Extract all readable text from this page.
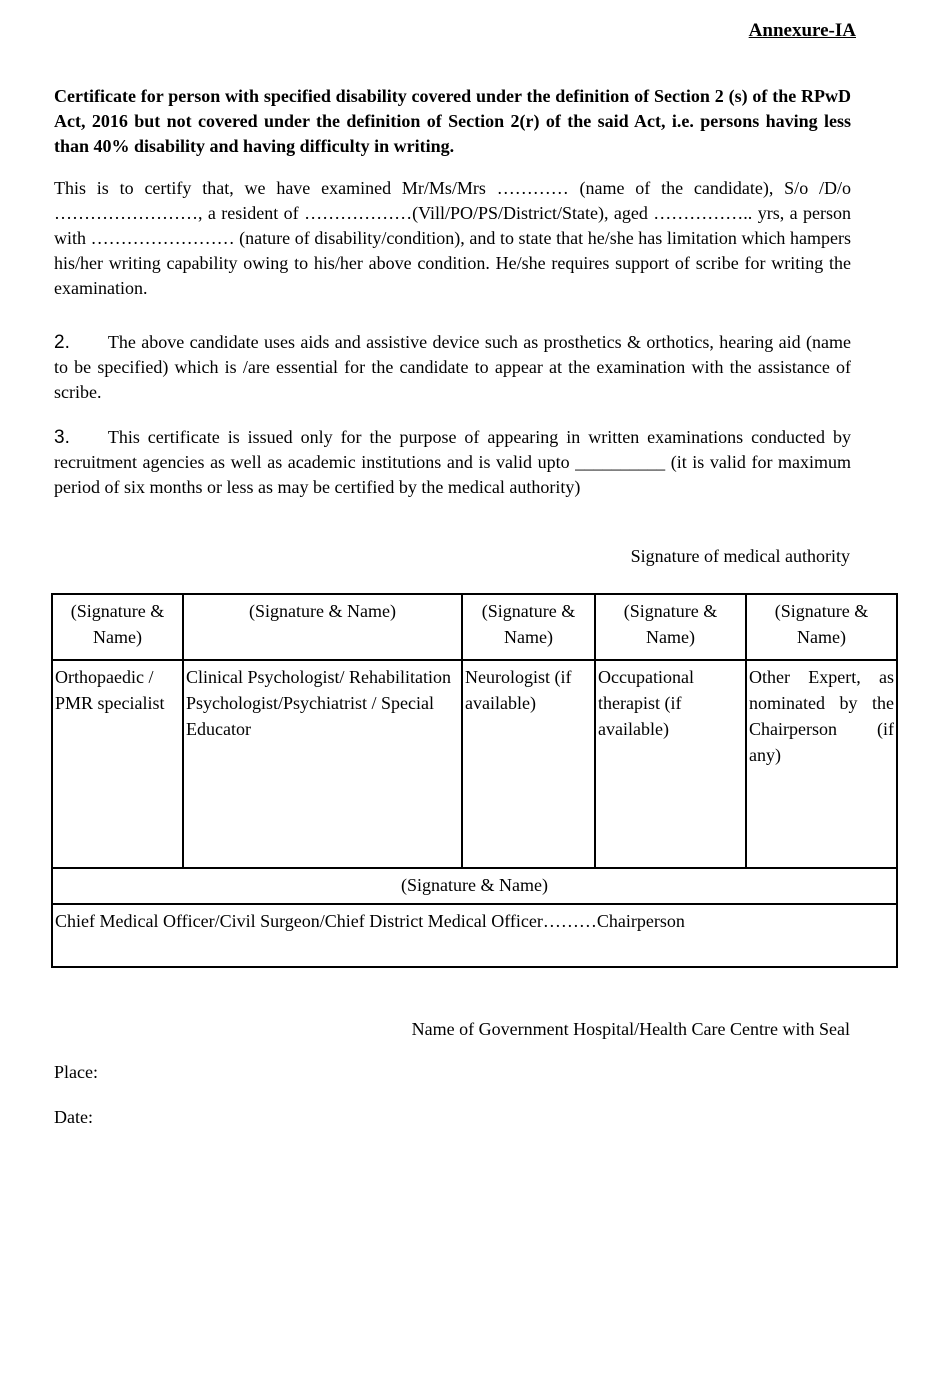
Annexure-IA
Certificate for person with specified disability covered under the definition of Section 2 (s) of the RPwD Act, 2016 but not covered under the definition of Section 2(r) of the said Act, i.e. persons having less than 40% disability and having difficulty in writing.
This is to certify that, we have examined Mr/Ms/Mrs ………… (name of the candidate), S/o /D/o ……………………, a resident of ………………(Vill/PO/PS/District/State), aged …………….. yrs, a person with …………………… (nature of disability/condition), and to state that he/she has limitation which hampers his/her writing capability owing to his/her above condition. He/she requires support of scribe for writing the examination.
2. The above candidate uses aids and assistive device such as prosthetics & orthotics, hearing aid (name to be specified) which is /are essential for the candidate to appear at the examination with the assistance of scribe.
3. This certificate is issued only for the purpose of appearing in written examinations conducted by recruitment agencies as well as academic institutions and is valid upto __________ (it is valid for maximum period of six months or less as may be certified by the medical authority)
Signature of medical authority
(Signature & Name)	(Signature & Name)	(Signature & Name)	(Signature & Name)	(Signature & Name)
Orthopaedic / PMR specialist	Clinical Psychologist/ Rehabilitation Psychologist/Psychiatrist / Special Educator	Neurologist (if available)	Occupational therapist (if available)	Other Expert, as nominated by the Chairperson (if any)
(Signature & Name)				
Chief Medical Officer/Civil Surgeon/Chief District Medical Officer………Chairperson				
Name of Government Hospital/Health Care Centre with Seal
Place:
Date:
